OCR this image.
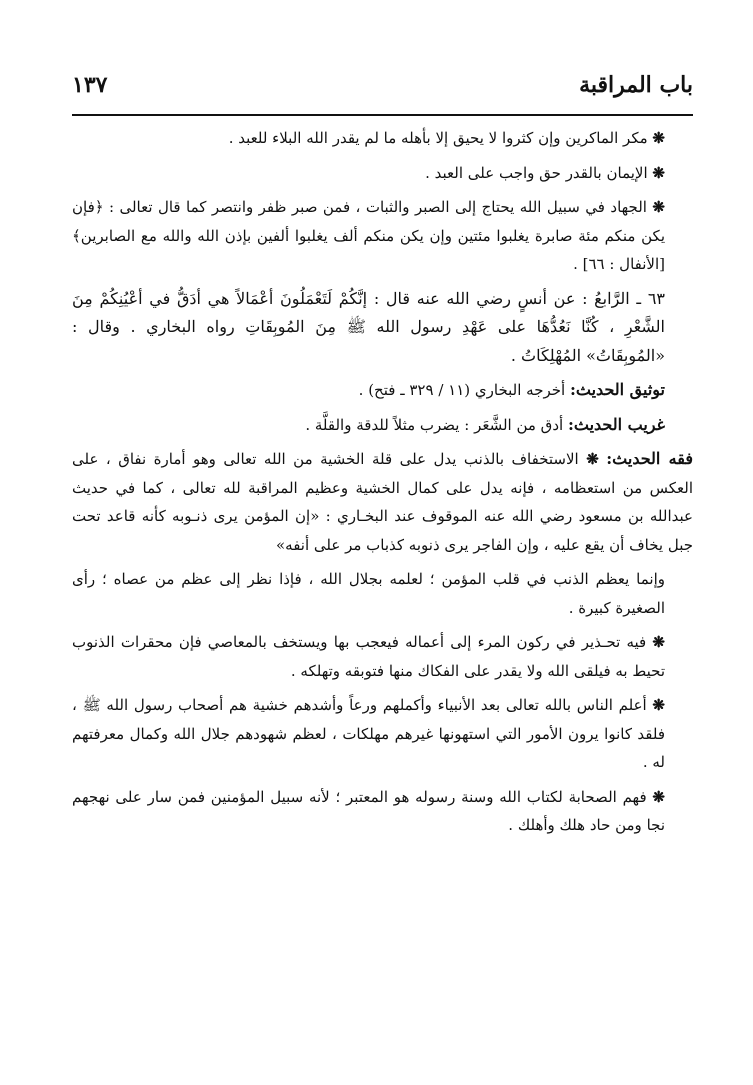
باب المراقبة
١٣٧

❋ مكر الماكرين وإن كثروا لا يحيق إلا بأهله ما لم يقدر الله البلاء للعبد .

❋ الإيمان بالقدر حق واجب على العبد .

❋ الجهاد في سبيل الله يحتاج إلى الصبر والثبات ، فمن صبر ظفر وانتصر كما قال تعالى : ﴿فإن يكن منكم مئة صابرة يغلبوا مئتين وإن يكن منكم ألف يغلبوا ألفين بإذن الله والله مع الصابرين﴾ [الأنفال : ٦٦] .

٦٣ ـ الرَّابعُ : عن أنسٍ رضي الله عنه قال : إنَّكُمْ لَتَعْمَلُونَ أعْمَالاً هي أدَقُّ في أعْيُنِكُمْ مِنَ الشَّعْرِ ، كُنَّا نَعُدُّهَا على عَهْدِ رسول الله ﷺ مِنَ المُوبِقَاتِ رواه البخاري . وقال : «المُوبِقَاتُ» المُهْلِكَاتُ .

توثيق الحديث: أخرجه البخاري (١١ / ٣٢٩ ـ فتح) .

غريب الحديث: أدق من الشَّعَر : يضرب مثلاً للدقة والقلَّة .

فقه الحديث: ❋ الاستخفاف بالذنب يدل على قلة الخشية من الله تعالى وهو أمارة نفاق ، على العكس من استعظامه ، فإنه يدل على كمال الخشية وعظيم المراقبة لله تعالى ، كما في حديث عبدالله بن مسعود رضي الله عنه الموقوف عند البخـاري : «إن المؤمن يرى ذنـوبه كأنه قاعد تحت جبل يخاف أن يقع عليه ، وإن الفاجر يرى ذنوبه كذباب مر على أنفه»

وإنما يعظم الذنب في قلب المؤمن ؛ لعلمه بجلال الله ، فإذا نظر إلى عظم من عصاه ؛ رأى الصغيرة كبيرة .

❋ فيه تحـذير في ركون المرء إلى أعماله فيعجب بها ويستخف بالمعاصي فإن محقرات الذنوب تحيط به فيلقى الله ولا يقدر على الفكاك منها فتوبقه وتهلكه .

❋ أعلم الناس بالله تعالى بعد الأنبياء وأكملهم ورعاً وأشدهم خشية هم أصحاب رسول الله ﷺ ، فلقد كانوا يرون الأمور التي استهونها غيرهم مهلكات ، لعظم شهودهم جلال الله وكمال معرفتهم له .

❋ فهم الصحابة لكتاب الله وسنة رسوله هو المعتبر ؛ لأنه سبيل المؤمنين فمن سار على نهجهم نجا ومن حاد هلك وأهلك .
